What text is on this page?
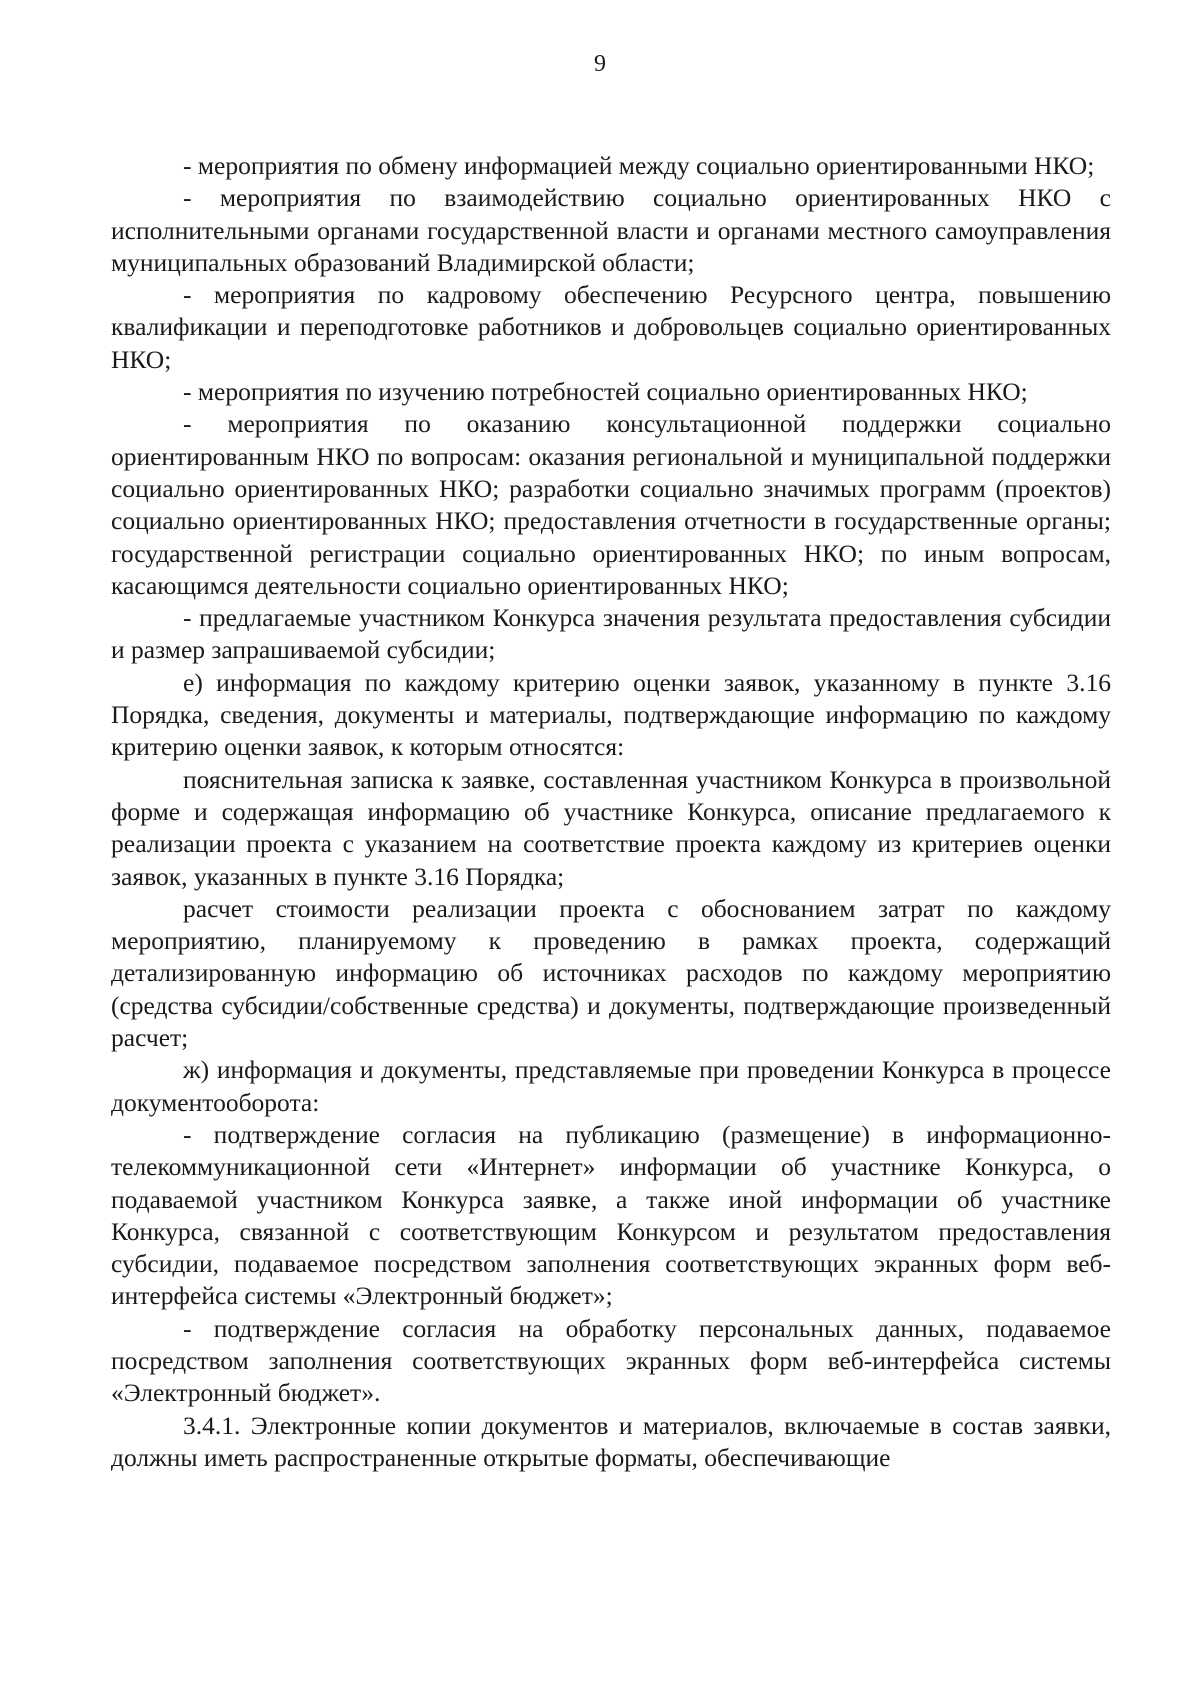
9

- мероприятия по обмену информацией между социально ориентированными НКО;

- мероприятия по взаимодействию социально ориентированных НКО с исполнительными органами государственной власти и органами местного самоуправления муниципальных образований Владимирской области;

- мероприятия по кадровому обеспечению Ресурсного центра, повышению квалификации и переподготовке работников и добровольцев социально ориентированных НКО;

- мероприятия по изучению потребностей социально ориентированных НКО;

- мероприятия по оказанию консультационной поддержки социально ориентированным НКО по вопросам: оказания региональной и муниципальной поддержки социально ориентированных НКО; разработки социально значимых программ (проектов) социально ориентированных НКО; предоставления отчетности в государственные органы; государственной регистрации социально ориентированных НКО; по иным вопросам, касающимся деятельности социально ориентированных НКО;

- предлагаемые участником Конкурса значения результата предоставления субсидии и размер запрашиваемой субсидии;

е) информация по каждому критерию оценки заявок, указанному в пункте 3.16 Порядка, сведения, документы и материалы, подтверждающие информацию по каждому критерию оценки заявок, к которым относятся:

пояснительная записка к заявке, составленная участником Конкурса в произвольной форме и содержащая информацию об участнике Конкурса, описание предлагаемого к реализации проекта с указанием на соответствие проекта каждому из критериев оценки заявок, указанных в пункте 3.16 Порядка;

расчет стоимости реализации проекта с обоснованием затрат по каждому мероприятию, планируемому к проведению в рамках проекта, содержащий детализированную информацию об источниках расходов по каждому мероприятию (средства субсидии/собственные средства) и документы, подтверждающие произведенный расчет;

ж) информация и документы, представляемые при проведении Конкурса в процессе документооборота:

- подтверждение согласия на публикацию (размещение) в информационно-телекоммуникационной сети «Интернет» информации об участнике Конкурса, о подаваемой участником Конкурса заявке, а также иной информации об участнике Конкурса, связанной с соответствующим Конкурсом и результатом предоставления субсидии, подаваемое посредством заполнения соответствующих экранных форм веб-интерфейса системы «Электронный бюджет»;

- подтверждение согласия на обработку персональных данных, подаваемое посредством заполнения соответствующих экранных форм веб-интерфейса системы «Электронный бюджет».

3.4.1. Электронные копии документов и материалов, включаемые в состав заявки, должны иметь распространенные открытые форматы, обеспечивающие
